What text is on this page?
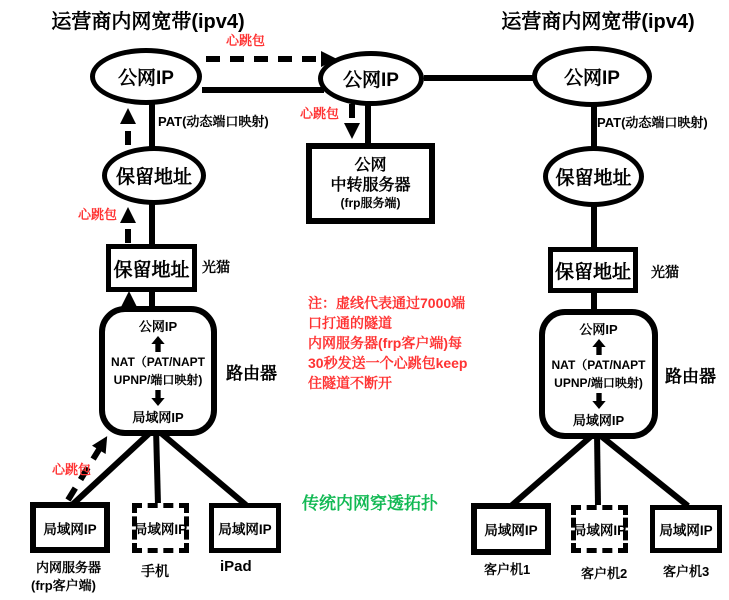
运营商内网宽带(ipv4)	运营商内网宽带(ipv4)
公网IP	公网IP	公网IP
保留地址	保留地址
保留地址	保留地址
公网
中转服务器
(frp服务端)
公网IP
NAT（PAT/NAPT
UPNP/端口映射)
局域网IP
公网IP
NAT（PAT/NAPT
UPNP/端口映射)
局域网IP
局域网IP	局域网IP	局域网IP	局域网IP	局域网IP	局域网IP
PAT(动态端口映射)	PAT(动态端口映射)
光猫	光猫
路由器	路由器
心跳包
心跳包
心跳包
心跳包
注：虚线代表通过7000端
口打通的隧道
内网服务器(frp客户端)每
30秒发送一个心跳包keep
住隧道不断开
传统内网穿透拓扑
内网服务器
(frp客户端)
手机	iPad	客户机1	客户机2	客户机3
